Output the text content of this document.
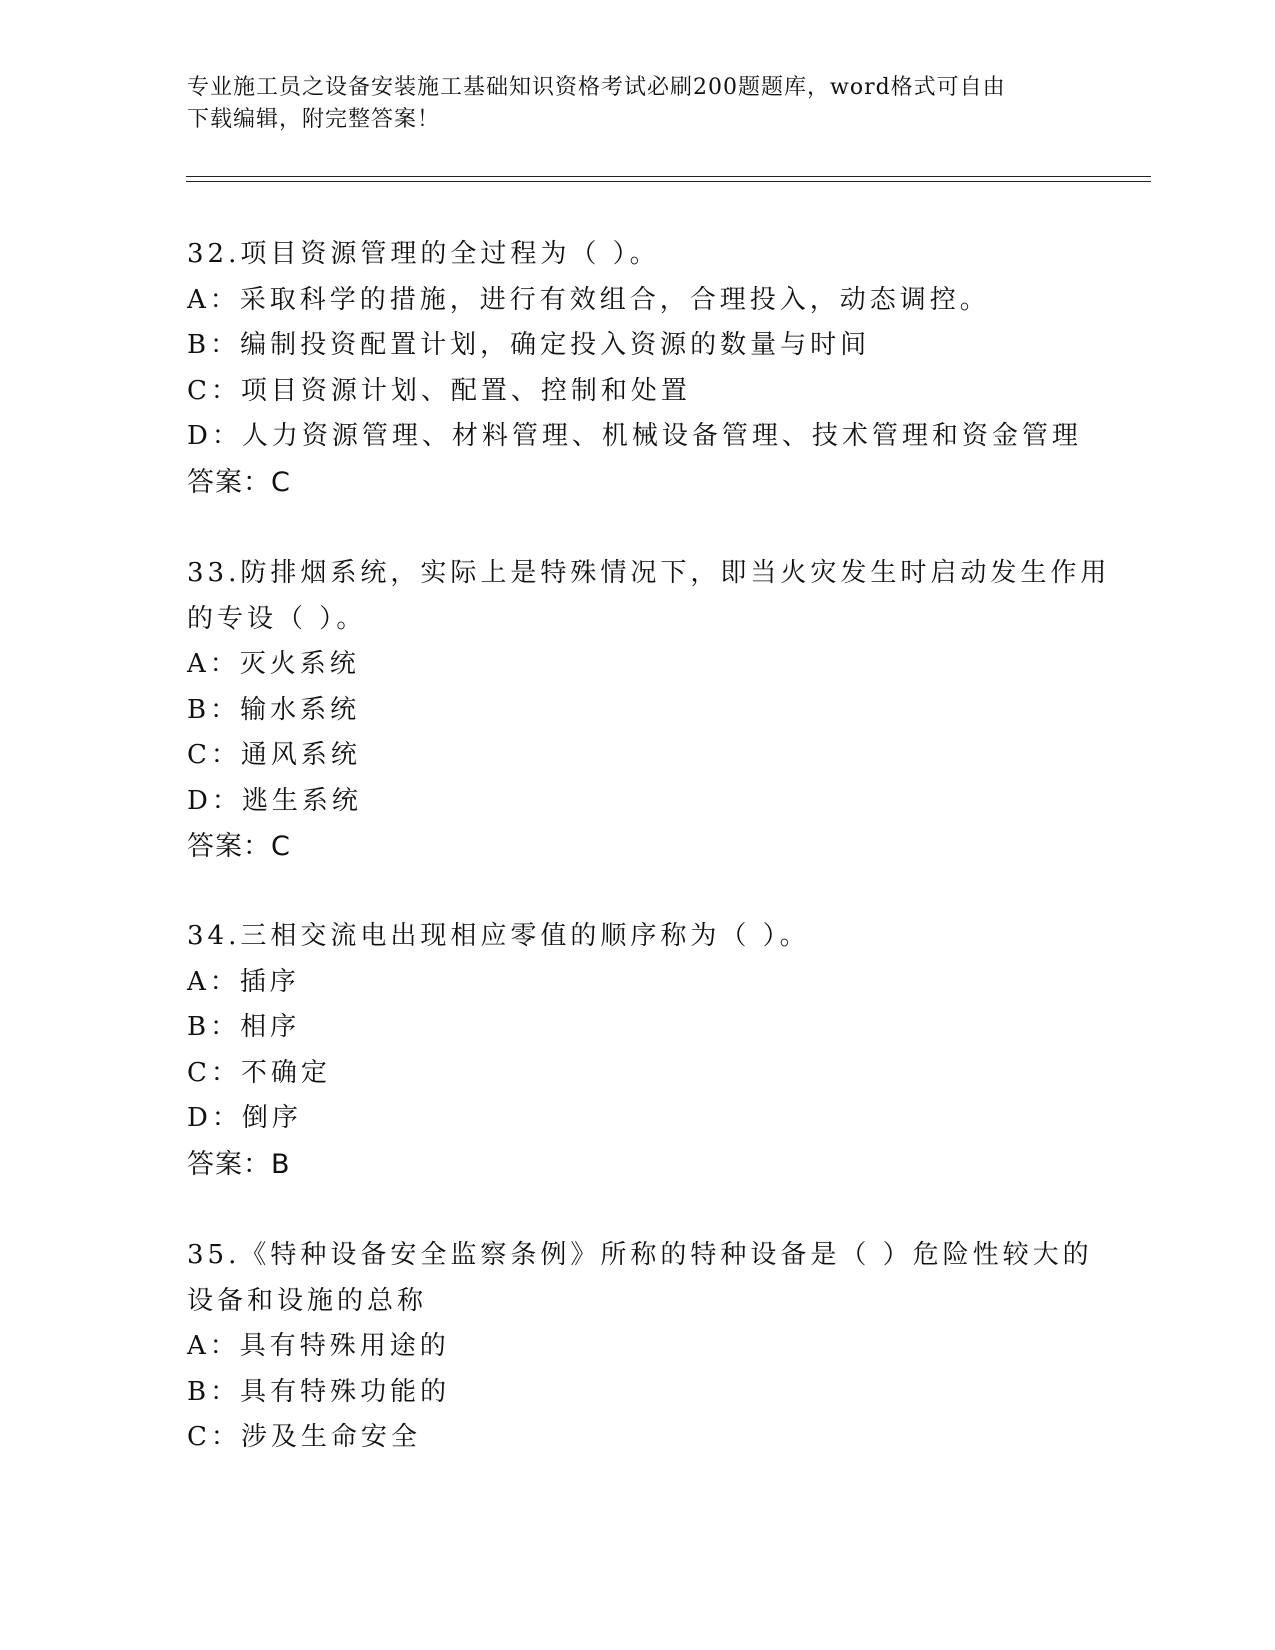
专业施工员之设备安装施工基础知识资格考试必刷200题题库，word格式可自由
下载编辑，附完整答案！
32.项目资源管理的全过程为（ ）。
A：采取科学的措施，进行有效组合，合理投入，动态调控。
B：编制投资配置计划，确定投入资源的数量与时间
C：项目资源计划、配置、控制和处置
D：人力资源管理、材料管理、机械设备管理、技术管理和资金管理
答案：C
33.防排烟系统，实际上是特殊情况下，即当火灾发生时启动发生作用
的专设（ ）。
A：灭火系统
B：输水系统
C：通风系统
D：逃生系统
答案：C
34.三相交流电出现相应零值的顺序称为（ ）。
A：插序
B：相序
C：不确定
D：倒序
答案：B
35.《特种设备安全监察条例》所称的特种设备是（ ）危险性较大的
设备和设施的总称
A：具有特殊用途的
B：具有特殊功能的
C：涉及生命安全
